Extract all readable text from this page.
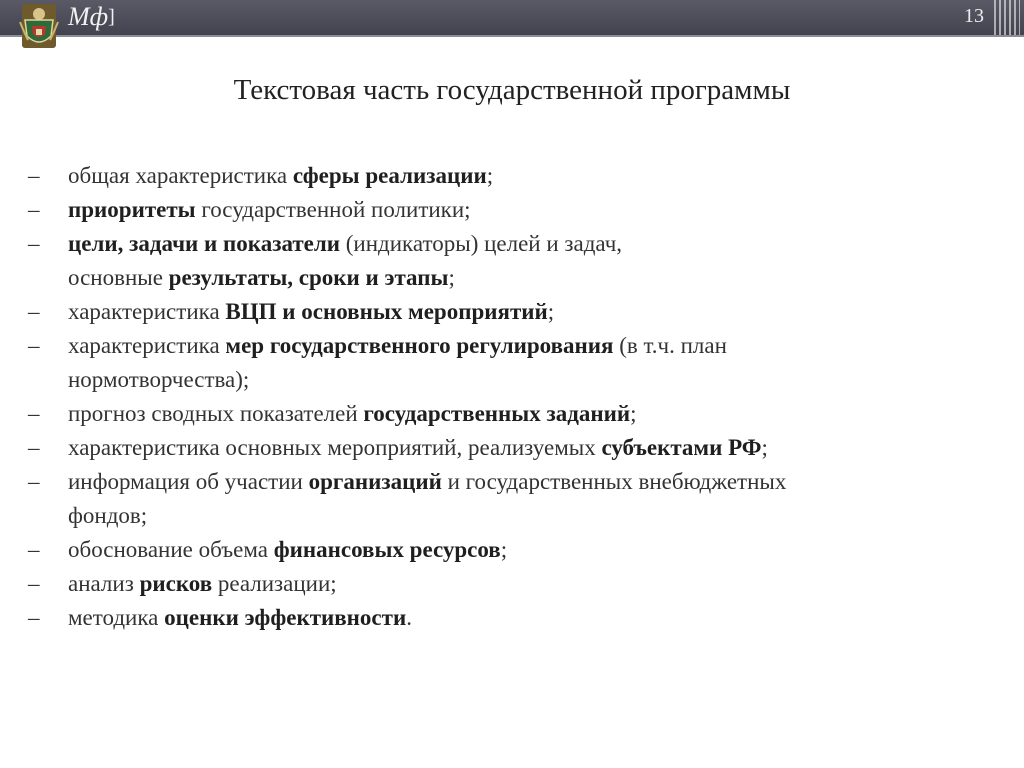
Мф]	13
Текстовая часть государственной программы
– общая характеристика сферы реализации;
– приоритеты государственной политики;
– цели, задачи и показатели (индикаторы) целей и задач,
основные результаты, сроки и этапы;
– характеристика ВЦП и основных мероприятий;
– характеристика мер государственного регулирования (в т.ч. план
нормотворчества);
– прогноз сводных показателей государственных заданий;
– характеристика основных мероприятий, реализуемых субъектами РФ;
– информация об участии организаций и государственных внебюджетных
фондов;
– обоснование объема финансовых ресурсов;
– анализ рисков реализации;
– методика оценки эффективности.
